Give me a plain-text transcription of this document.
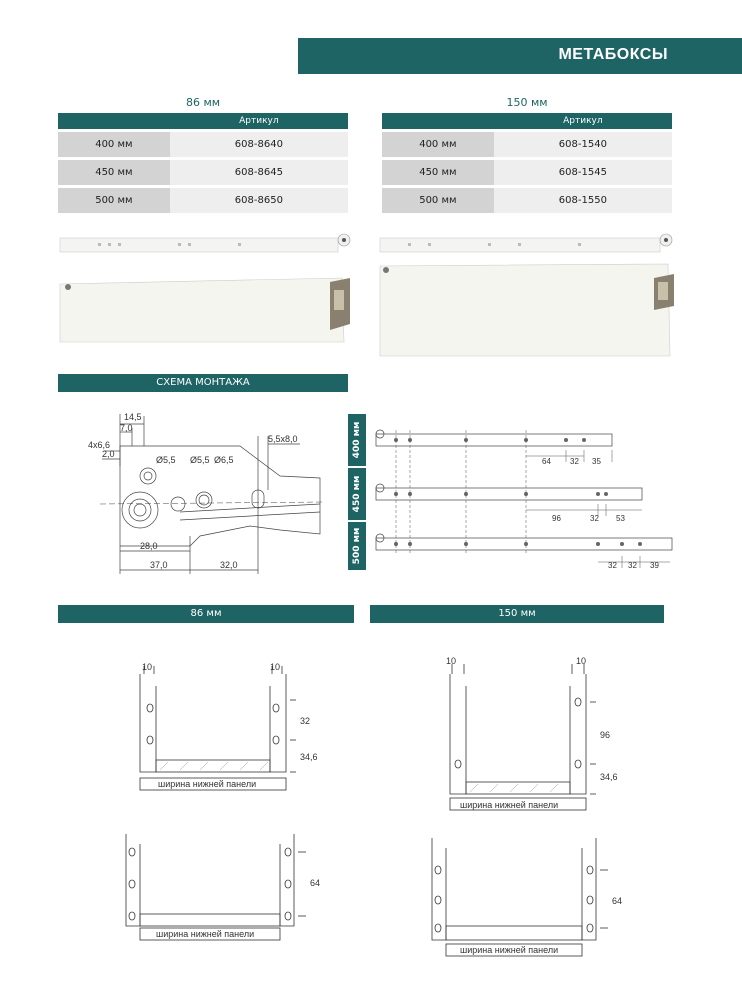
МЕТАБОКСЫ
86 мм
	Артикул
400 мм	608-8640
450 мм	608-8645
500 мм	608-8650
150 мм
	Артикул
400 мм	608-1540
450 мм	608-1545
500 мм	608-1550
СХЕМА МОНТАЖА
14,5
7,0
4x6,6
2,0
Ø5,5 Ø5,5 Ø6,5
5,5x8,0
28,0
37,0	32,0
400 мм
450 мм
500 мм
64 32 35
96	32 53
32 32 39
86 мм	150 мм
10	10
32
34,6
ширина нижней панели
64
ширина нижней панели
10	10
96
34,6
ширина нижней панели
64
ширина нижней панели
